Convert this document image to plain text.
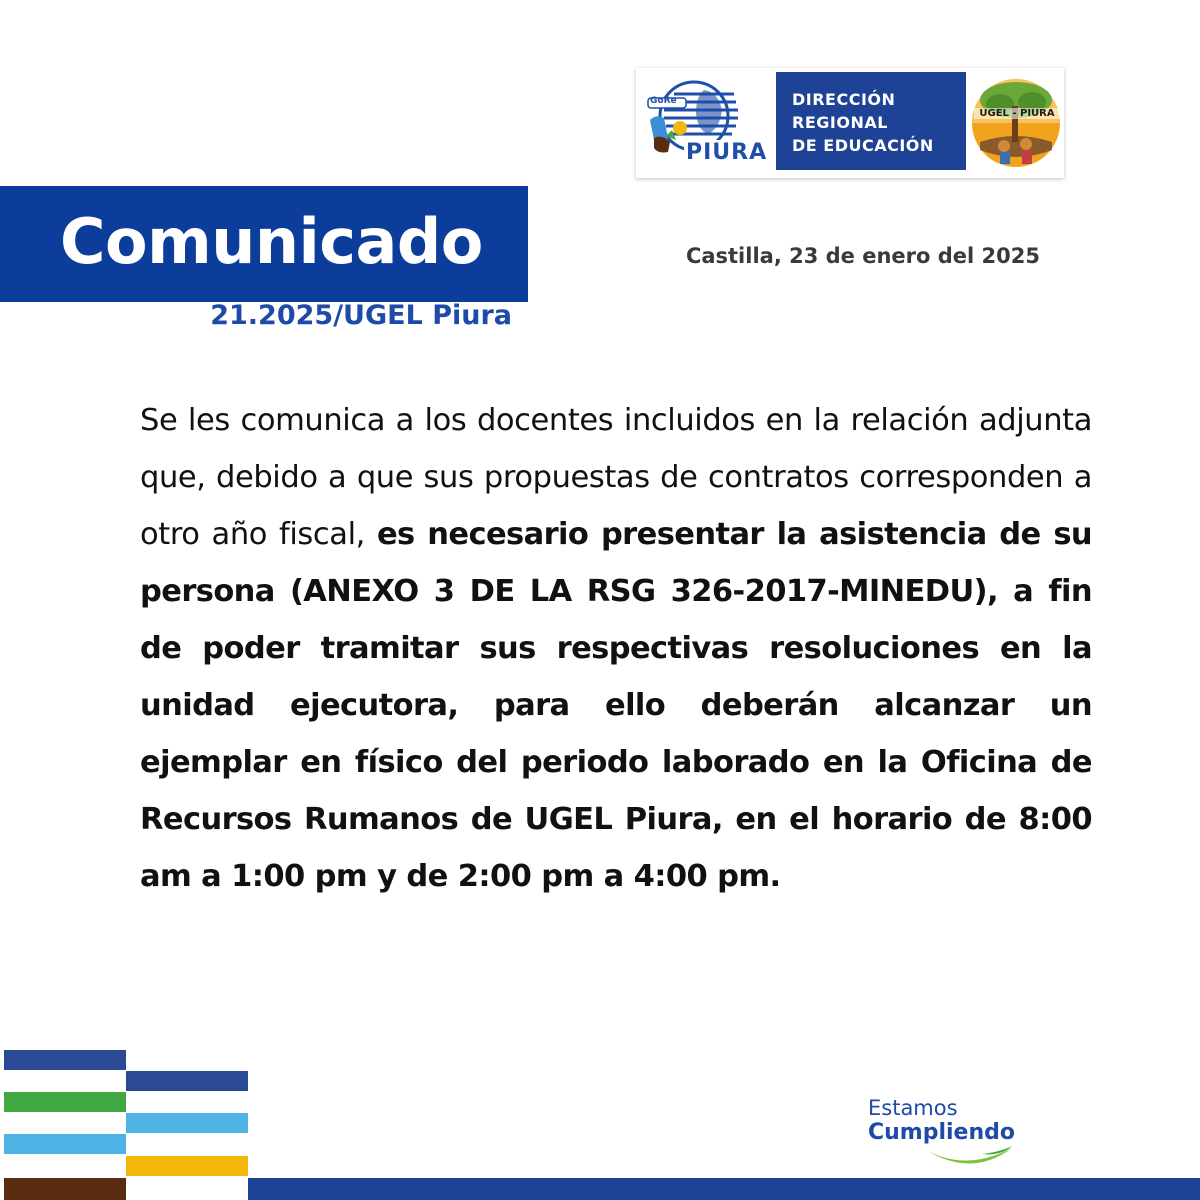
GoRe
PIURA
DIRECCIÓN
REGIONAL
DE EDUCACIÓN
UGEL - PIURA
Comunicado
21.2025/UGEL Piura
Castilla, 23 de enero del 2025
Se les comunica a los docentes incluidos en la relación adjunta que, debido a que sus propuestas de contratos corresponden a otro año fiscal, es necesario presentar la asistencia de su persona (ANEXO 3 DE LA RSG 326-2017-MINEDU), a fin de poder tramitar sus respectivas resoluciones en la unidad ejecutora, para ello deberán alcanzar un ejemplar en físico del periodo laborado en la Oficina de Recursos Rumanos de UGEL Piura, en el horario de 8:00 am a 1:00 pm y de 2:00 pm a 4:00 pm.
Estamos
Cumpliendo
